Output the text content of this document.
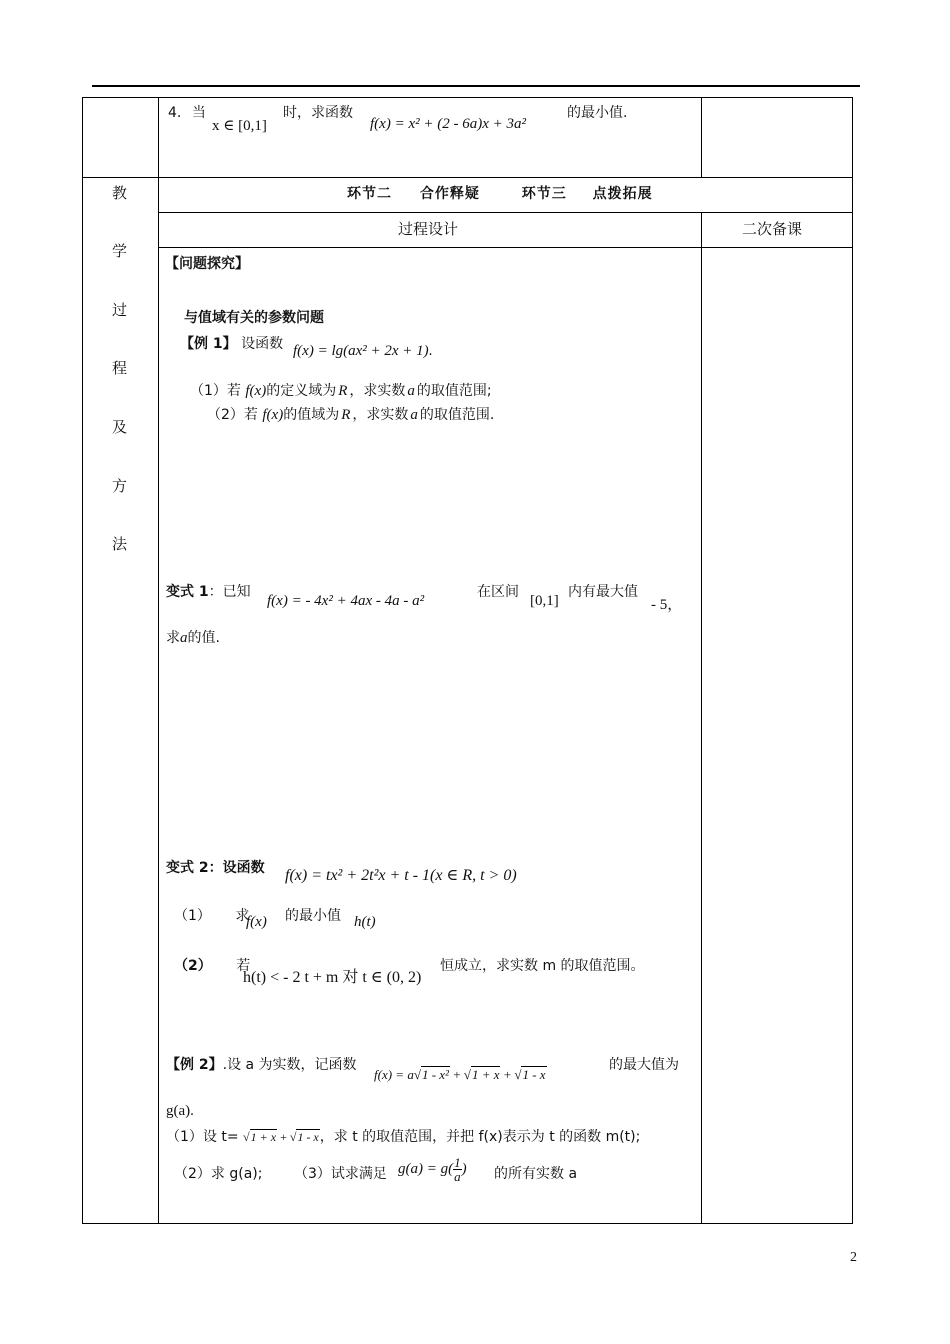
4. 当
x ∈ [0,1]
时，求函数
f(x) = x² + (2 - 6a)x + 3a²
的最小值.
教
学
过
程
及
方
法
环节二 合作释疑	环节三 点拨拓展
过程设计	二次备课
【问题探究】
与值域有关的参数问题
【例 1】 设函数 f(x) = lg(ax² + 2x + 1).
（1）若 f(x)的定义域为 R ，求实数 a 的取值范围;
（2）若 f(x)的值域为 R ，求实数 a 的取值范围.
变式 1：已知
f(x) = - 4x² + 4ax - 4a - a²
在区间
[0,1]
内有最大值
- 5，
求a的值.
变式 2：设函数 f(x) = tx² + 2t²x + t - 1(x ∈ R, t > 0)
（1） 求
f(x) 的最小值 h(t)
（2） 若
h(t) < - 2 t + m 对 t ∈ (0, 2)
恒成立，求实数 m 的取值范围。
【例 2】.设 a 为实数，记函数
f(x) = a√1 - x² + √1 + x + √1 - x
的最大值为
g(a).
（1）设 t= √1 + x + √1 - x，求 t 的取值范围，并把 f(x)表示为 t 的函数 m(t);
（2）求 g(a); （3）试求满足 $g(a) = g( \frac{1}{a}$ ) 的所有实数 a
2
